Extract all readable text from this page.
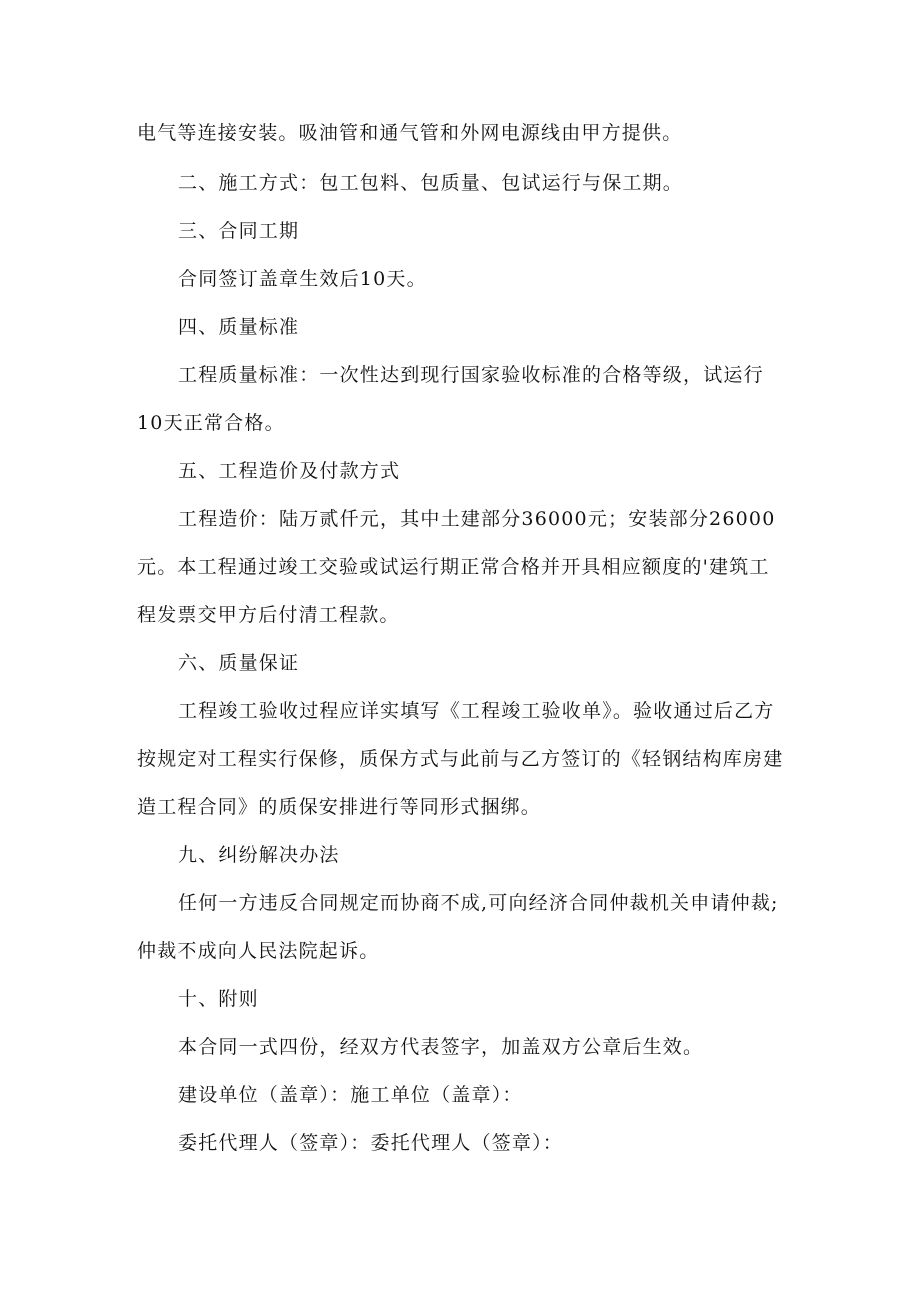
电气等连接安装。吸油管和通气管和外网电源线由甲方提供。
二、施工方式：包工包料、包质量、包试运行与保工期。
三、合同工期
合同签订盖章生效后10天。
四、质量标准
工程质量标准：一次性达到现行国家验收标准的合格等级，试运行
10天正常合格。
五、工程造价及付款方式
工程造价：陆万贰仟元，其中土建部分36000元；安装部分26000
元。本工程通过竣工交验或试运行期正常合格并开具相应额度的'建筑工
程发票交甲方后付清工程款。
六、质量保证
工程竣工验收过程应详实填写《工程竣工验收单》。验收通过后乙方
按规定对工程实行保修，质保方式与此前与乙方签订的《轻钢结构库房建
造工程合同》的质保安排进行等同形式捆绑。
九、纠纷解决办法
任何一方违反合同规定而协商不成,可向经济合同仲裁机关申请仲裁;
仲裁不成向人民法院起诉。
十、附则
本合同一式四份，经双方代表签字，加盖双方公章后生效。
建设单位（盖章）：施工单位（盖章）：
委托代理人（签章）：委托代理人（签章）：
